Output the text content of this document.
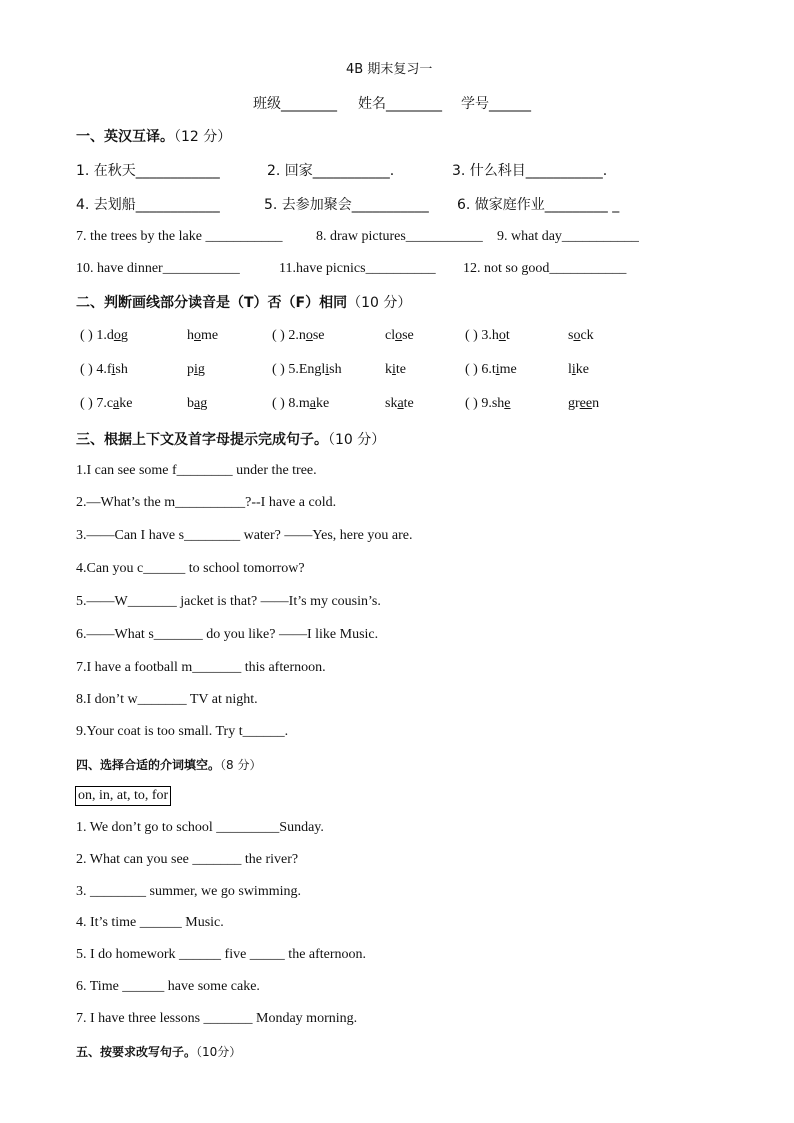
4B 期末复习一
班级________ 姓名________ 学号______
一、英汉互译。（12 分）
1. 在秋天____________	2. 回家___________.	3. 什么科目___________.
4. 去划船____________	5. 去参加聚会___________ 6. 做家庭作业_________ _
7. the trees by the lake ___________ 8. draw pictures___________ 9. what day___________
10. have dinner___________	11.have picnics__________ 12. not so good___________
二、判断画线部分读音是（T）否（F）相同（10 分）
( ) 1.dog	home	( ) 2.nose	close	( ) 3.hot	sock
( ) 4.fish	pig	( ) 5.English	kite	( ) 6.time	like
( ) 7.cake	bag	( ) 8.make	skate	( ) 9.she	green
三、根据上下文及首字母提示完成句子。（10 分）
1.I can see some f________ under the tree.
2.—What’s the m__________?--I have a cold.
3.——Can I have s________ water? ——Yes, here you are.
4.Can you c______ to school tomorrow?
5.——W_______ jacket is that? ——It’s my cousin’s.
6.——What s_______ do you like? ——I like Music.
7.I have a football m_______ this afternoon.
8.I don’t w_______ TV at night.
9.Your coat is too small. Try t______.
四、选择合适的介词填空。（8 分）
on, in, at, to, for
1. We don’t go to school _________Sunday.
2. What can you see _______ the river?
3. ________ summer, we go swimming.
4. It’s time ______ Music.
5. I do homework ______ five _____ the afternoon.
6. Time ______ have some cake.
7. I have three lessons _______ Monday morning.
五、按要求改写句子。（10分）
